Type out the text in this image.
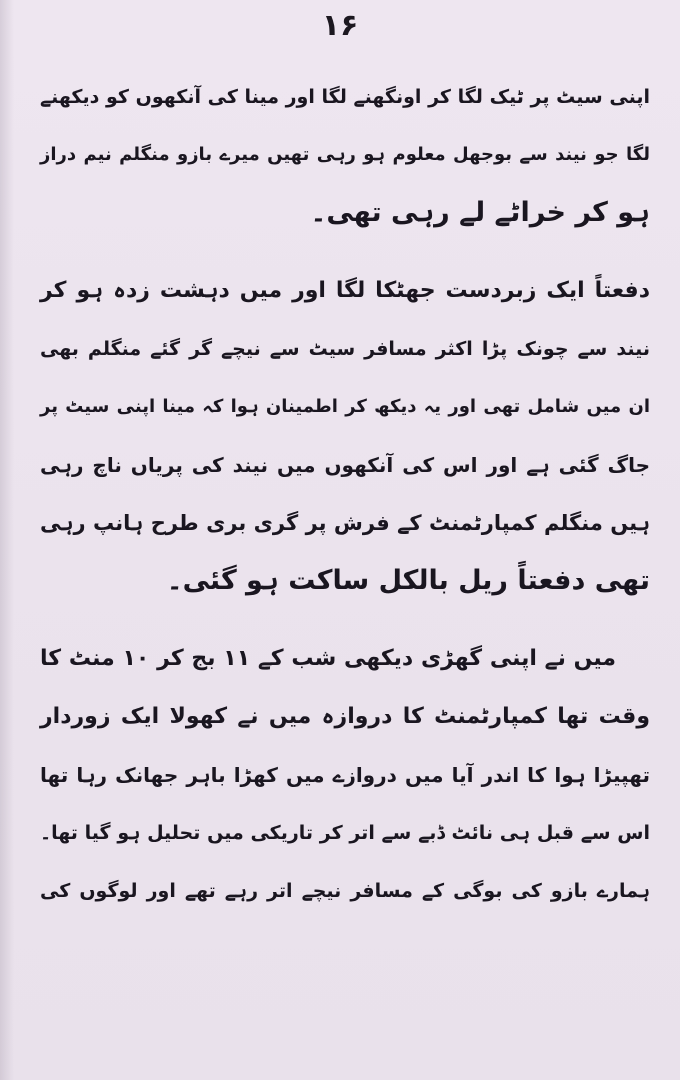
۱۶
اپنی سیٹ پر ٹیک لگا کر اونگھنے لگا اور مینا کی آنکھوں کو دیکھنے
لگا جو نیند سے بوجھل معلوم ہو رہی تھیں میرے بازو منگلم نیم دراز
ہو کر خراٹے لے رہی تھی۔
دفعتاً ایک زبردست جھٹکا لگا اور میں دہشت زدہ ہو کر
نیند سے چونک پڑا اکثر مسافر سیٹ سے نیچے گر گئے منگلم بھی
ان میں شامل تھی اور یہ دیکھ کر اطمینان ہوا کہ مینا اپنی سیٹ پر
جاگ گئی ہے اور اس کی آنکھوں میں نیند کی پریاں ناچ رہی
ہیں منگلم کمپارٹمنٹ کے فرش پر گری بری طرح ہانپ رہی
تھی دفعتاً ریل بالکل ساکت ہو گئی۔
میں نے اپنی گھڑی دیکھی شب کے ۱۱ بج کر ۱۰ منٹ کا
وقت تھا کمپارٹمنٹ کا دروازہ میں نے کھولا ایک زوردار
تھپیڑا ہوا کا اندر آیا میں دروازے میں کھڑا باہر جھانک رہا تھا
اس سے قبل ہی نائٹ ڈبے سے اتر کر تاریکی میں تحلیل ہو گیا تھا۔
ہمارے بازو کی بوگی کے مسافر نیچے اتر رہے تھے اور لوگوں کی
